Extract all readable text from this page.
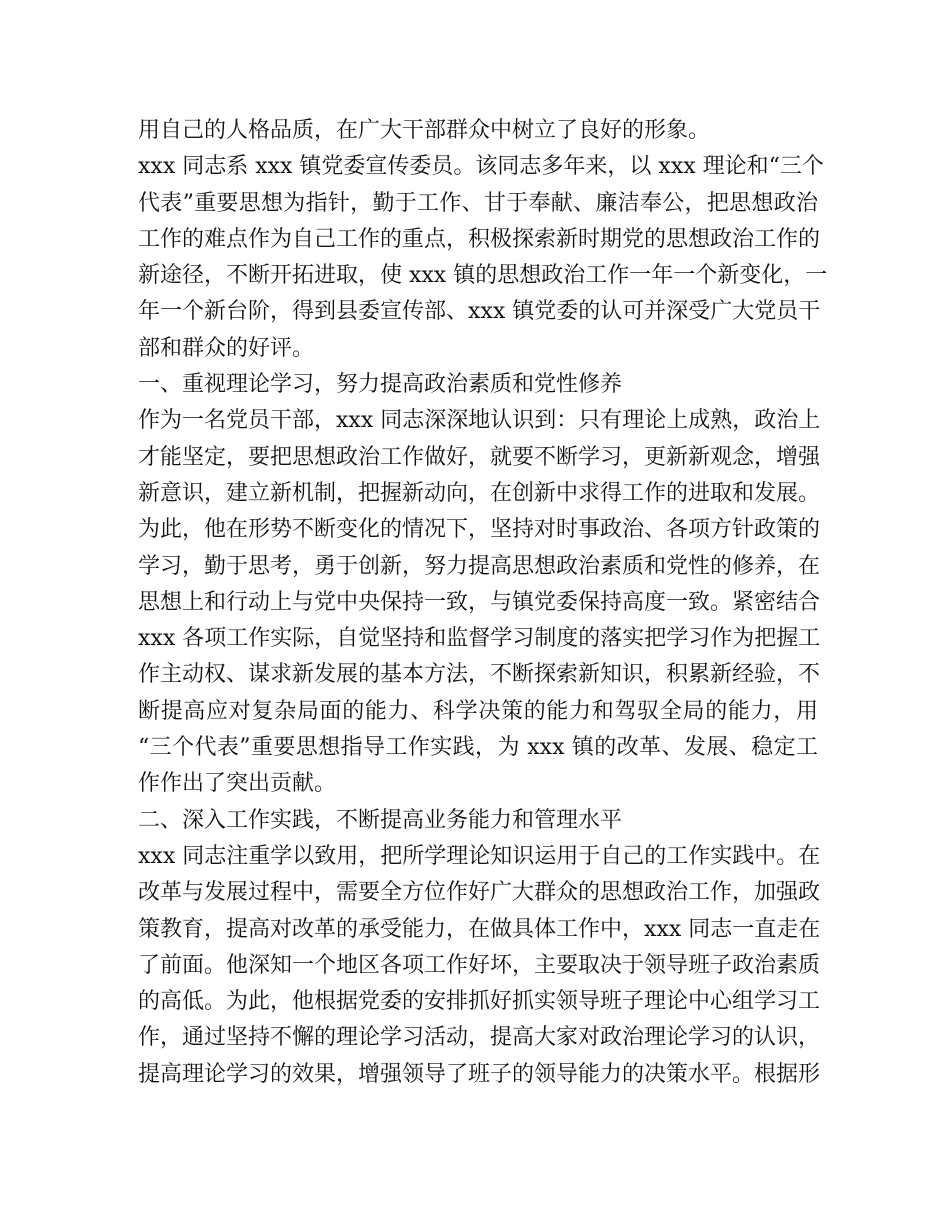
用自己的人格品质，在广大干部群众中树立了良好的形象。
xxx 同志系 xxx 镇党委宣传委员。该同志多年来，以 xxx 理论和“三个
代表”重要思想为指针，勤于工作、甘于奉献、廉洁奉公，把思想政治
工作的难点作为自己工作的重点，积极探索新时期党的思想政治工作的
新途径，不断开拓进取，使 xxx 镇的思想政治工作一年一个新变化，一
年一个新台阶，得到县委宣传部、xxx 镇党委的认可并深受广大党员干
部和群众的好评。
一、重视理论学习，努力提高政治素质和党性修养
作为一名党员干部，xxx 同志深深地认识到：只有理论上成熟，政治上
才能坚定，要把思想政治工作做好，就要不断学习，更新新观念，增强
新意识，建立新机制，把握新动向，在创新中求得工作的进取和发展。
为此，他在形势不断变化的情况下，坚持对时事政治、各项方针政策的
学习，勤于思考，勇于创新，努力提高思想政治素质和党性的修养，在
思想上和行动上与党中央保持一致，与镇党委保持高度一致。紧密结合
xxx 各项工作实际，自觉坚持和监督学习制度的落实把学习作为把握工
作主动权、谋求新发展的基本方法，不断探索新知识，积累新经验，不
断提高应对复杂局面的能力、科学决策的能力和驾驭全局的能力，用
“三个代表”重要思想指导工作实践，为 xxx 镇的改革、发展、稳定工
作作出了突出贡献。
二、深入工作实践，不断提高业务能力和管理水平
xxx 同志注重学以致用，把所学理论知识运用于自己的工作实践中。在
改革与发展过程中，需要全方位作好广大群众的思想政治工作，加强政
策教育，提高对改革的承受能力，在做具体工作中，xxx 同志一直走在
了前面。他深知一个地区各项工作好坏，主要取决于领导班子政治素质
的高低。为此，他根据党委的安排抓好抓实领导班子理论中心组学习工
作，通过坚持不懈的理论学习活动，提高大家对政治理论学习的认识，
提高理论学习的效果，增强领导了班子的领导能力的决策水平。根据形
